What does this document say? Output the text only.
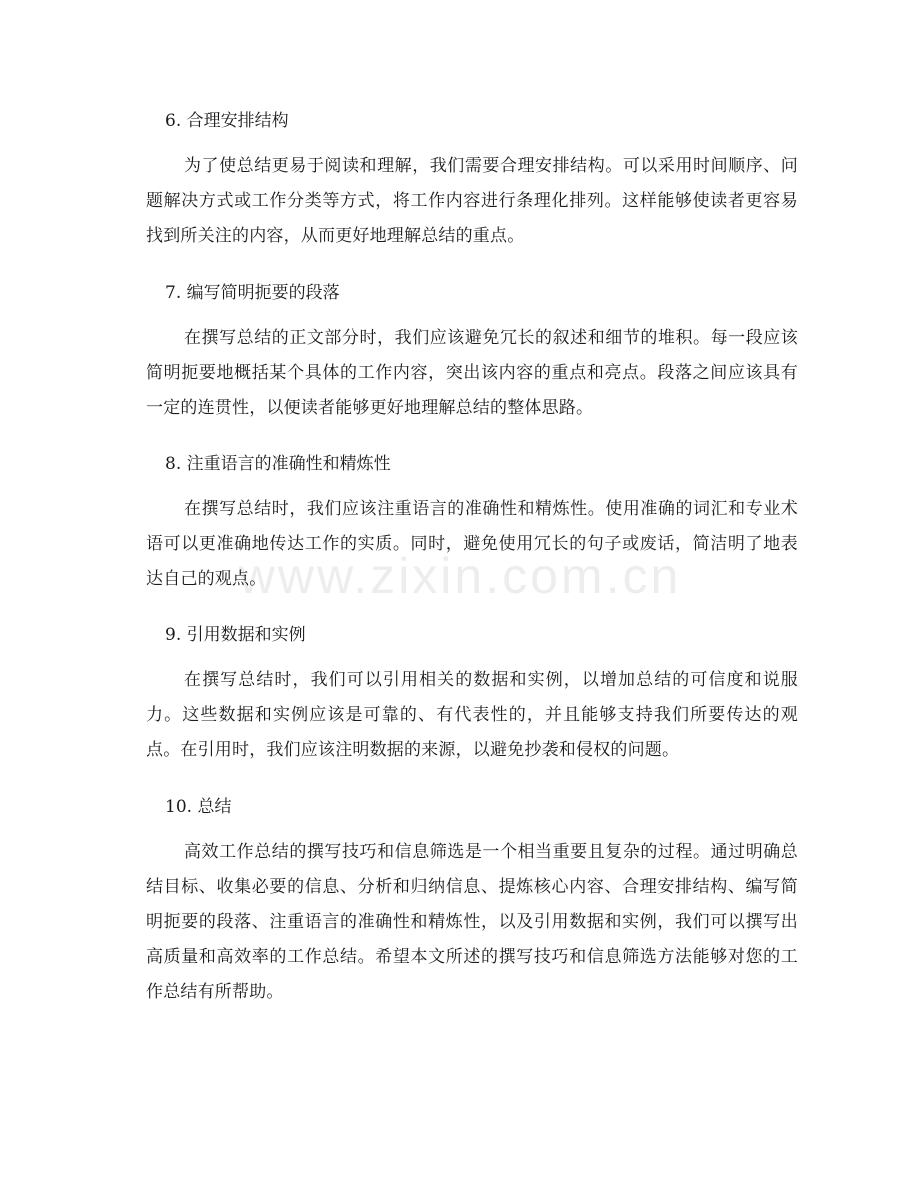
6. 合理安排结构

为了使总结更易于阅读和理解，我们需要合理安排结构。可以采用时间顺序、问题解决方式或工作分类等方式，将工作内容进行条理化排列。这样能够使读者更容易找到所关注的内容，从而更好地理解总结的重点。

7. 编写简明扼要的段落

在撰写总结的正文部分时，我们应该避免冗长的叙述和细节的堆积。每一段应该简明扼要地概括某个具体的工作内容，突出该内容的重点和亮点。段落之间应该具有一定的连贯性，以便读者能够更好地理解总结的整体思路。

8. 注重语言的准确性和精炼性

在撰写总结时，我们应该注重语言的准确性和精炼性。使用准确的词汇和专业术语可以更准确地传达工作的实质。同时，避免使用冗长的句子或废话，简洁明了地表达自己的观点。

9. 引用数据和实例

在撰写总结时，我们可以引用相关的数据和实例，以增加总结的可信度和说服力。这些数据和实例应该是可靠的、有代表性的，并且能够支持我们所要传达的观点。在引用时，我们应该注明数据的来源，以避免抄袭和侵权的问题。

10. 总结

高效工作总结的撰写技巧和信息筛选是一个相当重要且复杂的过程。通过明确总结目标、收集必要的信息、分析和归纳信息、提炼核心内容、合理安排结构、编写简明扼要的段落、注重语言的准确性和精炼性，以及引用数据和实例，我们可以撰写出高质量和高效率的工作总结。希望本文所述的撰写技巧和信息筛选方法能够对您的工作总结有所帮助。

www.zixin.com.cn
